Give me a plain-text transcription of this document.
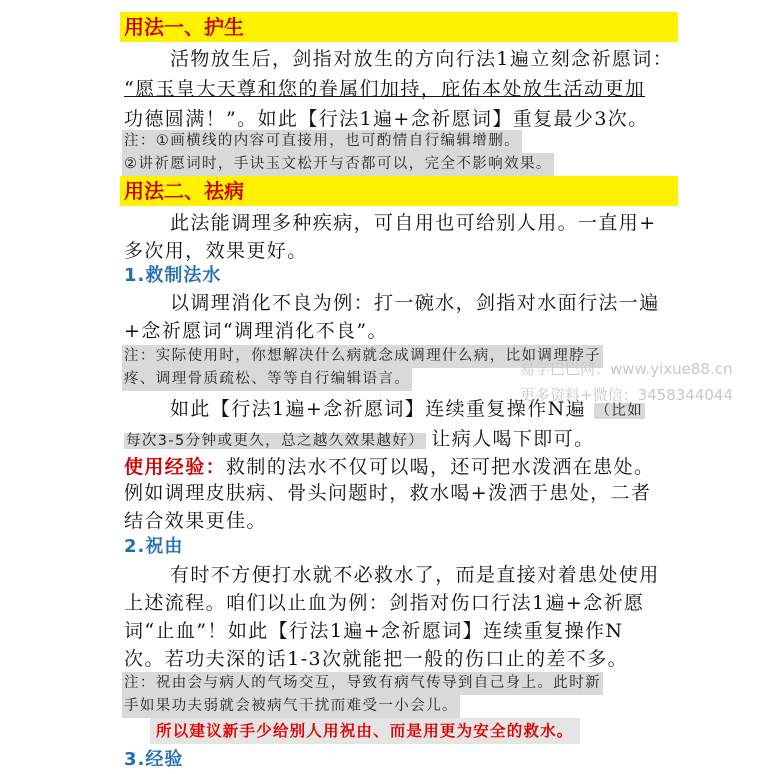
用法一、护生
活物放生后，剑指对放生的方向行法1遍立刻念祈愿词：
“愿玉皇大天尊和您的眷属们加持，庇佑本处放生活动更加
功德圆满！”。如此【行法1遍+念祈愿词】重复最少3次。
注：①画横线的内容可直接用，也可酌情自行编辑增删。
②讲祈愿词时，手诀玉文松开与否都可以，完全不影响效果。
用法二、祛病
此法能调理多种疾病，可自用也可给别人用。一直用+
多次用，效果更好。
1.救制法水
以调理消化不良为例：打一碗水，剑指对水面行法一遍
+念祈愿词“调理消化不良”。
注：实际使用时，你想解决什么病就念成调理什么病，比如调理脖子
疼、调理骨质疏松、等等自行编辑语言。
如此【行法1遍+念祈愿词】连续重复操作N遍 （比如
每次3-5分钟或更久，总之越久效果越好） 让病人喝下即可。
使用经验：救制的法水不仅可以喝，还可把水泼洒在患处。
例如调理皮肤病、骨头问题时，救水喝+泼洒于患处，二者
结合效果更佳。
2.祝由
有时不方便打水就不必救水了，而是直接对着患处使用
上述流程。咱们以止血为例：剑指对伤口行法1遍+念祈愿
词“止血”！如此【行法1遍+念祈愿词】连续重复操作N
次。若功夫深的话1-3次就能把一般的伤口止的差不多。
注：祝由会与病人的气场交互，导致有病气传导到自己身上。此时新
手如果功夫弱就会被病气干扰而难受一小会儿。
所以建议新手少给别人用祝由、而是用更为安全的救水。
3.经验
易学巴巴网：www.yixue88.cn
更多资料+微信：3458344044
